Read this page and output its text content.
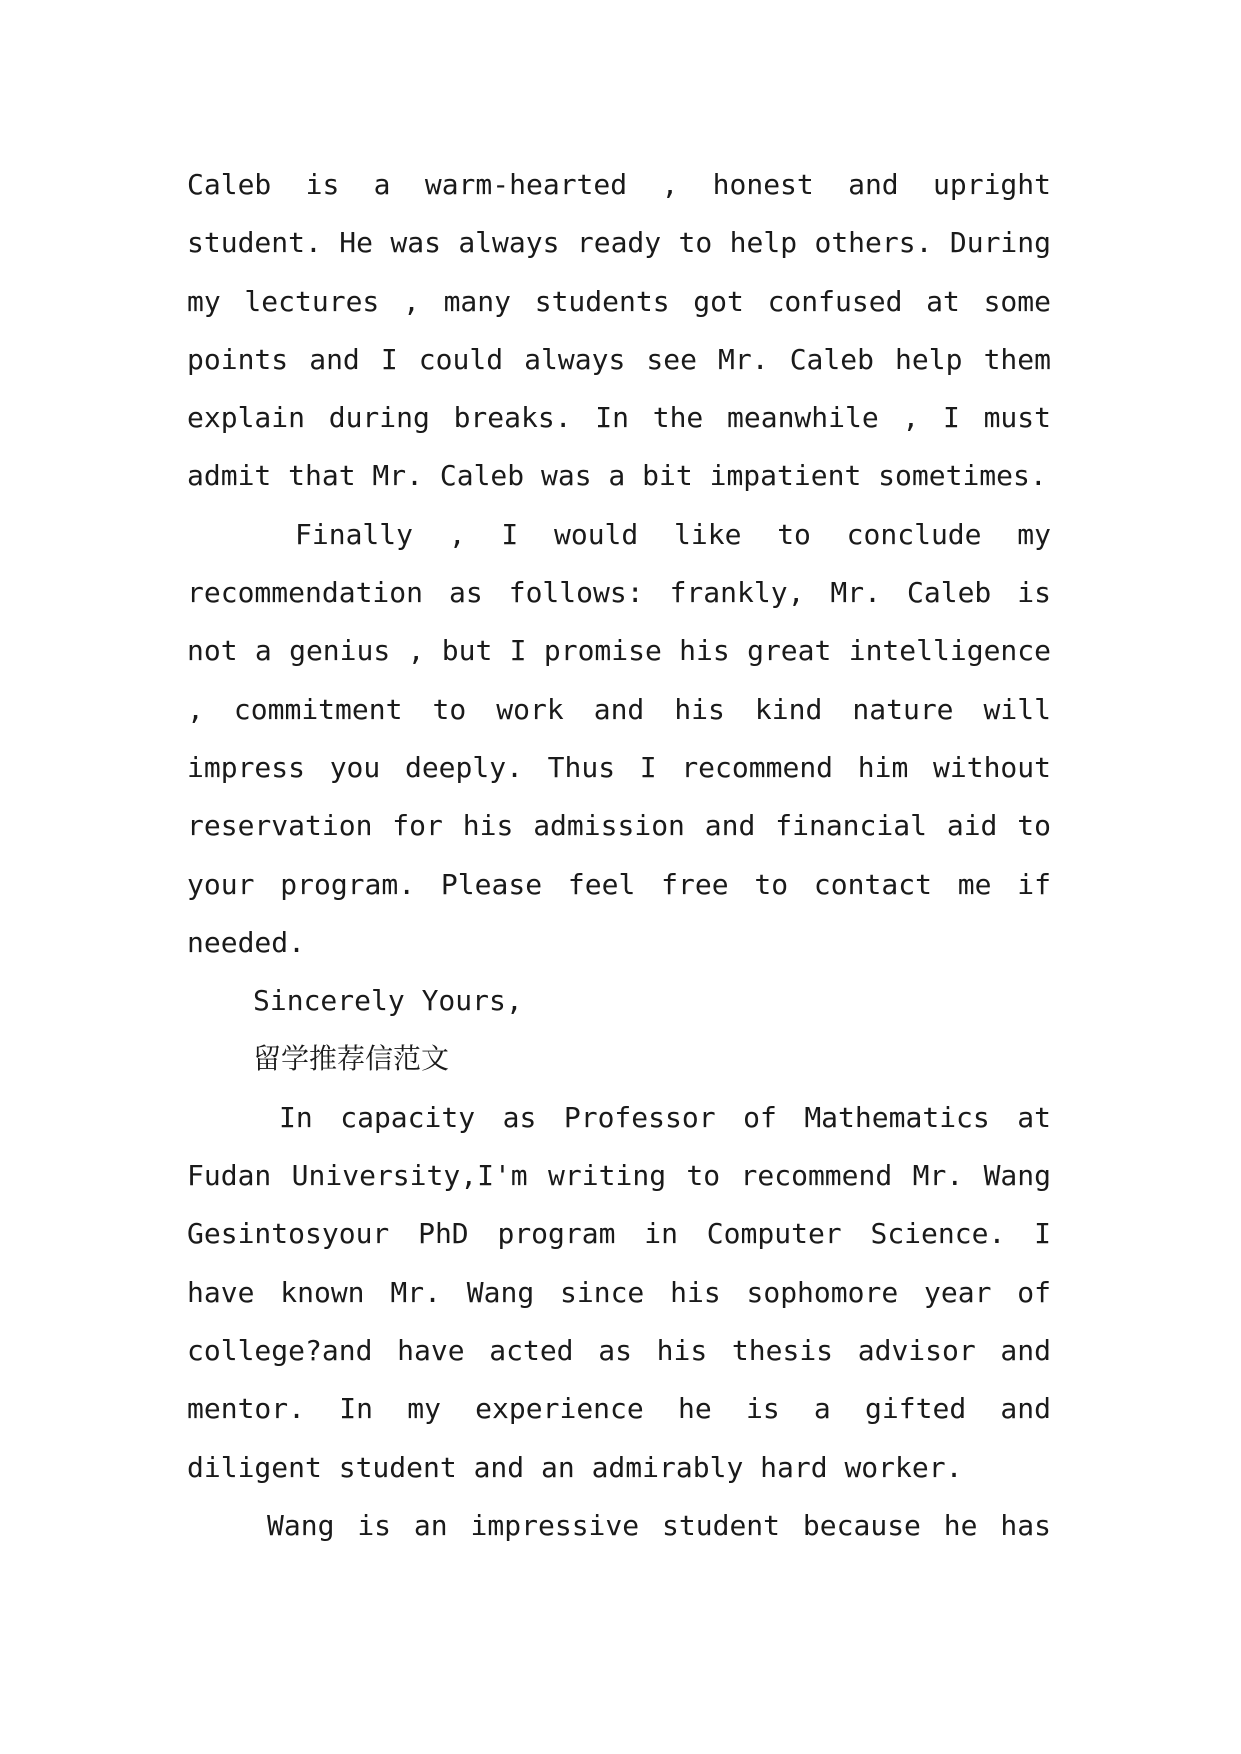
Caleb is a warm-hearted , honest and upright student. He was always ready to help others. During my lectures , many students got confused at some points and I could always see Mr. Caleb help them explain during breaks. In the meanwhile , I must admit that Mr. Caleb was a bit impatient sometimes.

Finally , I would like to conclude my recommendation as follows: frankly, Mr. Caleb is not a genius , but I promise his great intelligence , commitment to work and his kind nature will impress you deeply. Thus I recommend him without reservation for his admission and financial aid to your program. Please feel free to contact me if needed.

Sincerely Yours,

留学推荐信范文

In capacity as Professor of Mathematics at Fudan University,I'm writing to recommend Mr. Wang Gesintosyour PhD program in Computer Science. I have known Mr. Wang since his sophomore year of college?and have acted as his thesis advisor and mentor. In my experience he is a gifted and diligent student and an admirably hard worker.

Wang is an impressive student because he has
